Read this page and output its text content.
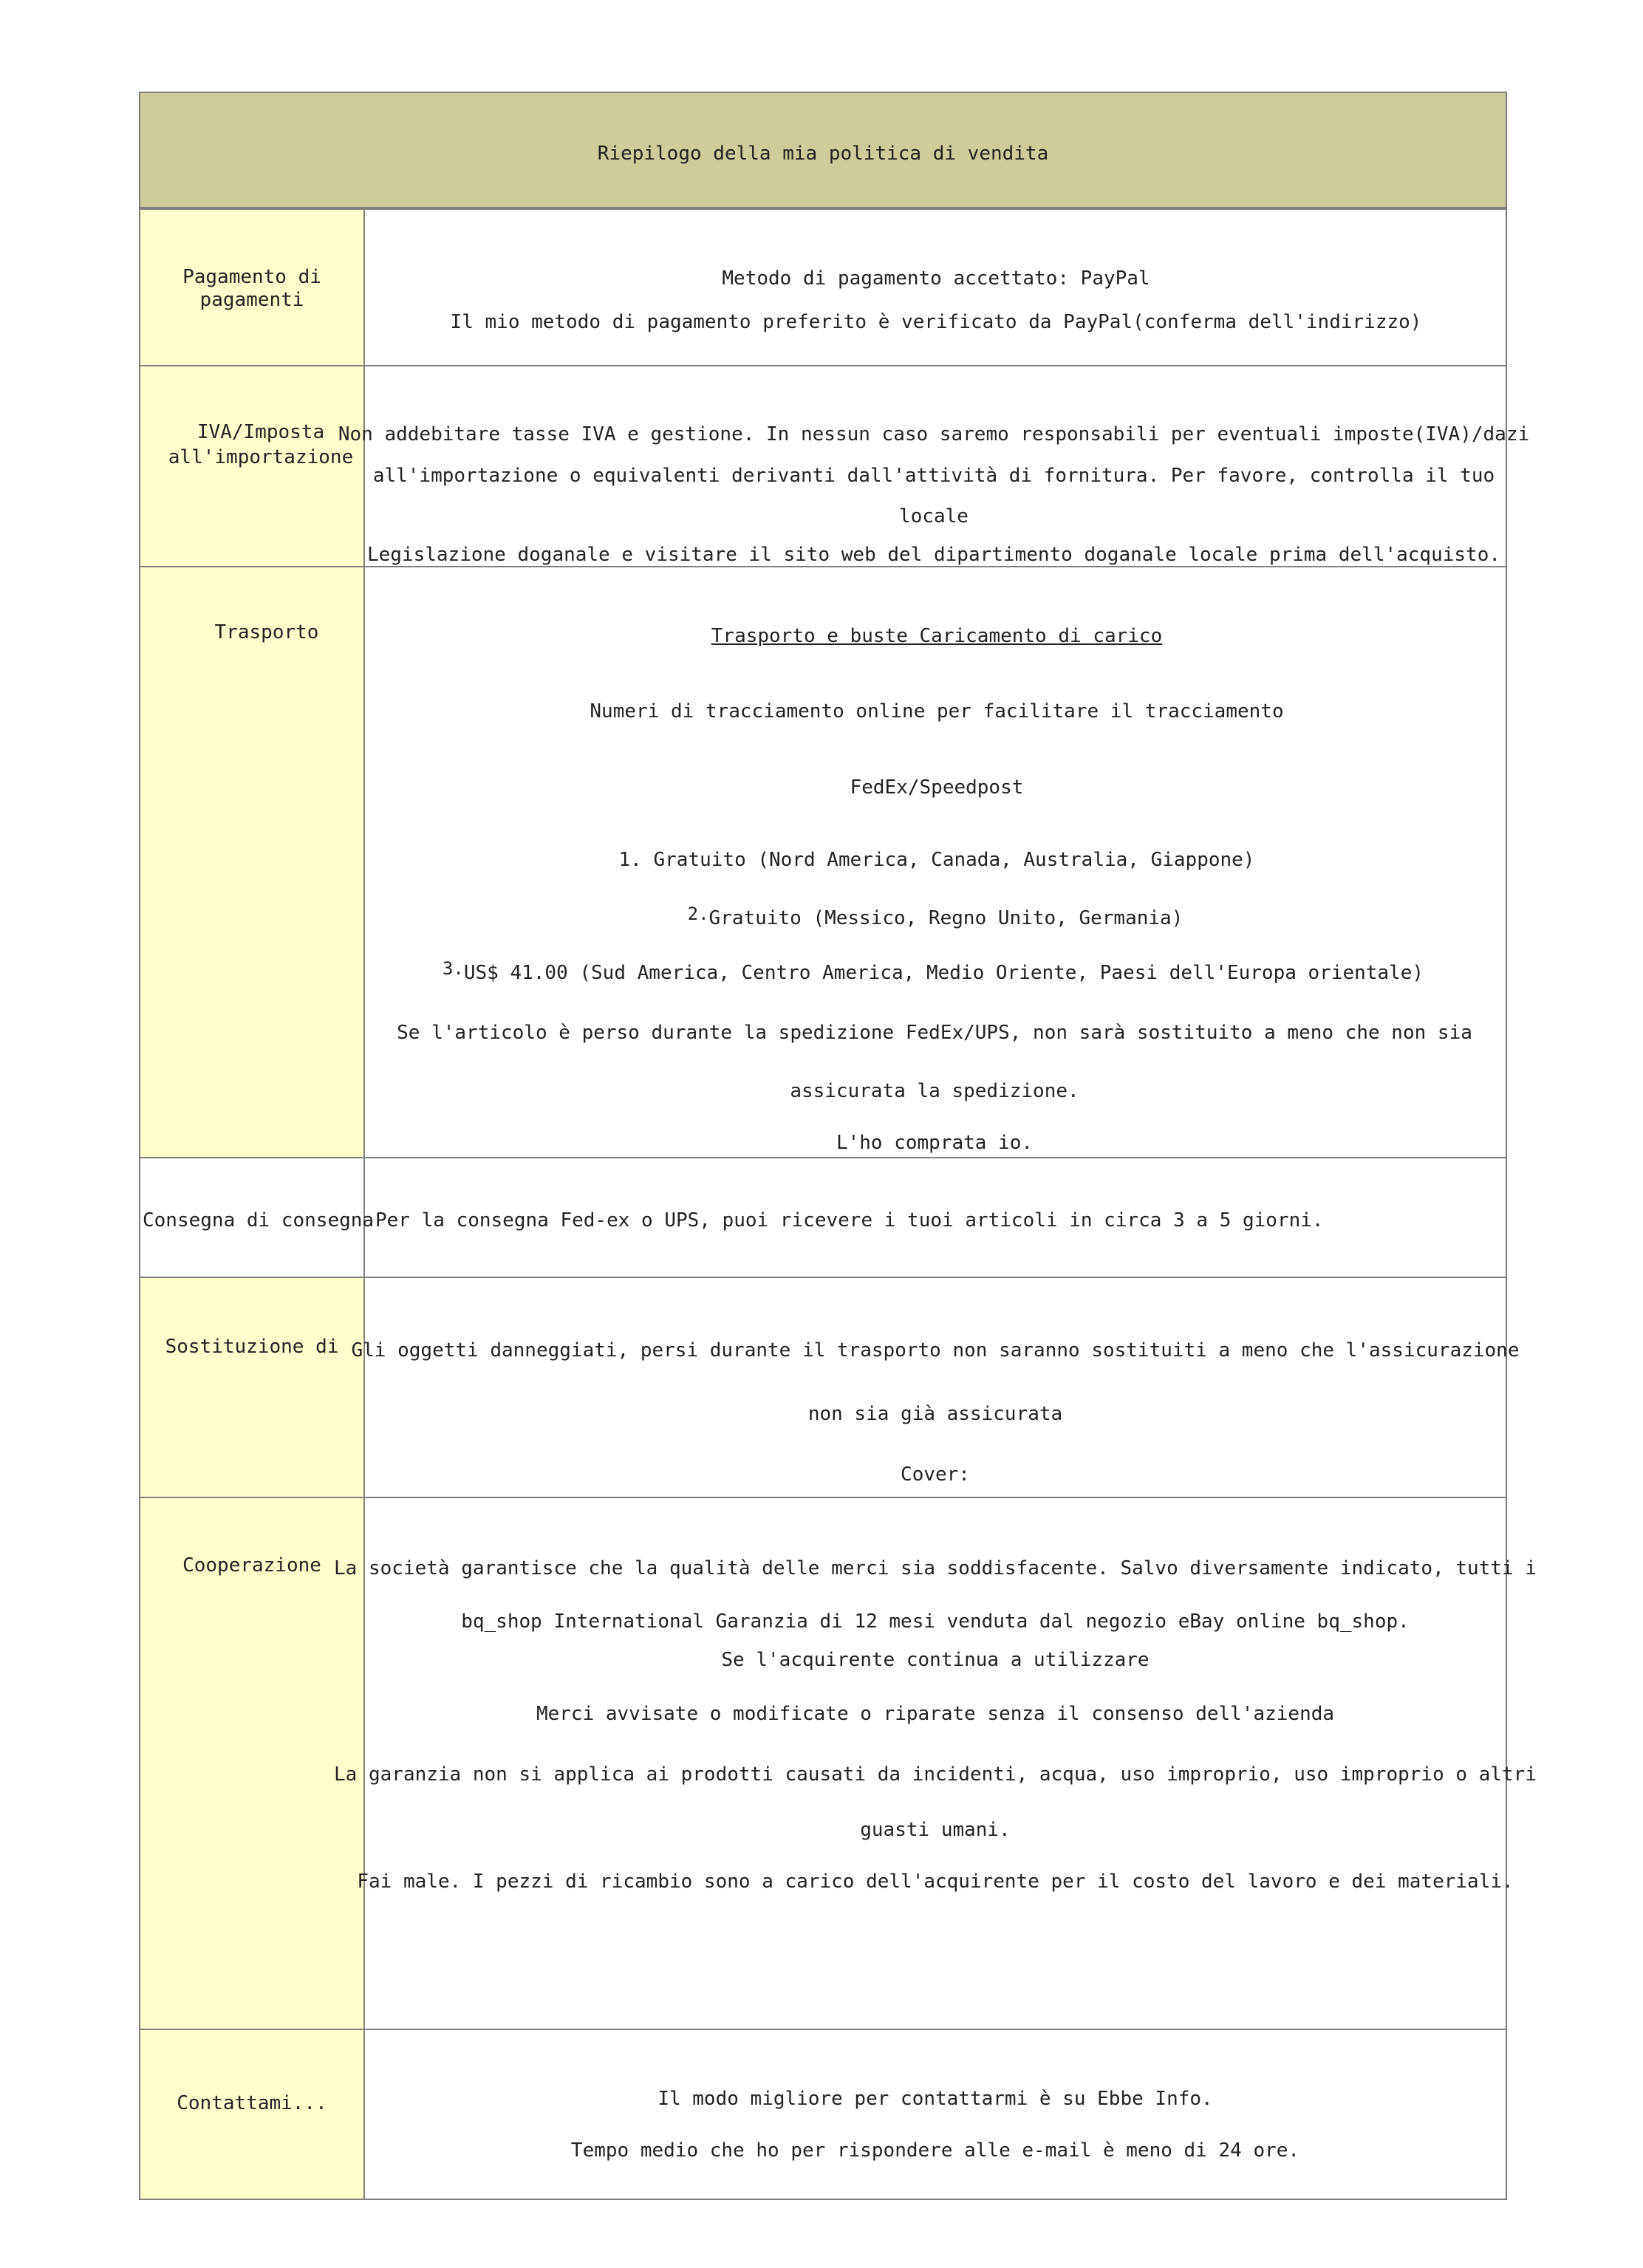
Riepilogo della mia politica di vendita
Pagamento di
pagamenti
Metodo di pagamento accettato: PayPal
Il mio metodo di pagamento preferito è verificato da PayPal(conferma dell'indirizzo)
IVA/Imposta
all'importazione
Non addebitare tasse IVA e gestione. In nessun caso saremo responsabili per eventuali imposte(IVA)/dazi
all'importazione o equivalenti derivanti dall'attività di fornitura. Per favore, controlla il tuo
locale
Legislazione doganale e visitare il sito web del dipartimento doganale locale prima dell'acquisto.
Trasporto	Trasporto e buste Caricamento di carico
Numeri di tracciamento online per facilitare il tracciamento
FedEx/Speedpost
1. Gratuito (Nord America, Canada, Australia, Giappone)
2.Gratuito (Messico, Regno Unito, Germania)
3.US$ 41.00 (Sud America, Centro America, Medio Oriente, Paesi dell'Europa orientale)
Se l'articolo è perso durante la spedizione FedEx/UPS, non sarà sostituito a meno che non sia
assicurata la spedizione.
L'ho comprata io.
Consegna di consegna Per la consegna Fed-ex o UPS, puoi ricevere i tuoi articoli in circa 3 a 5 giorni.
Sostituzione di Gli oggetti danneggiati, persi durante il trasporto non saranno sostituiti a meno che l'assicurazione
non sia già assicurata
Cover:
Cooperazione La società garantisce che la qualità delle merci sia soddisfacente. Salvo diversamente indicato, tutti i
bq_shop International Garanzia di 12 mesi venduta dal negozio eBay online bq_shop.
Se l'acquirente continua a utilizzare
Merci avvisate o modificate o riparate senza il consenso dell'azienda
La garanzia non si applica ai prodotti causati da incidenti, acqua, uso improprio, uso improprio o altri
guasti umani.
Fai male. I pezzi di ricambio sono a carico dell'acquirente per il costo del lavoro e dei materiali.
Contattami...	Il modo migliore per contattarmi è su Ebbe Info.
Tempo medio che ho per rispondere alle e-mail è meno di 24 ore.
